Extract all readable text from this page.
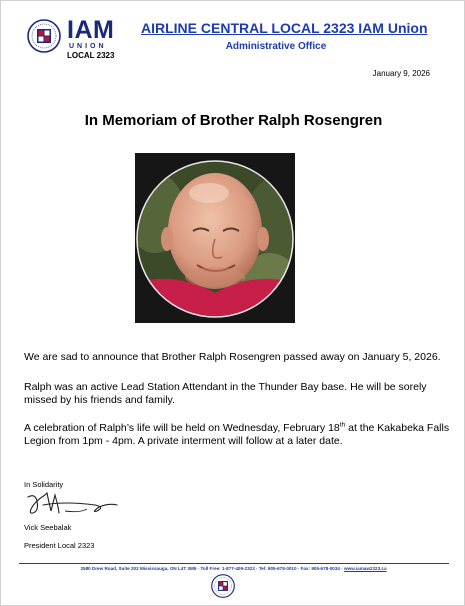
IAM
UNION
LOCAL 2323
AIRLINE CENTRAL LOCAL 2323 IAM Union
Administrative Office
January 9, 2026
In Memoriam of Brother Ralph Rosengren
We are sad to announce that Brother Ralph Rosengren passed away on January 5, 2026.
Ralph was an active Lead Station Attendant in the Thunder Bay base. He will be sorely missed by his friends and family.
A celebration of Ralph’s life will be held on Wednesday, February 18th at the Kakabeka Falls Legion from 1pm - 4pm. A private interment will follow at a later date.
In Solidarity
Vick Seebalak
President Local 2323
2580 Drew Road, Suite 202 Mississauga, ON L4T 3M5 · Toll Free: 1-877-409-2323 · Tel: 905-678-0010 · Fax: 905-678-0034 · www.iamaw2323.ca
